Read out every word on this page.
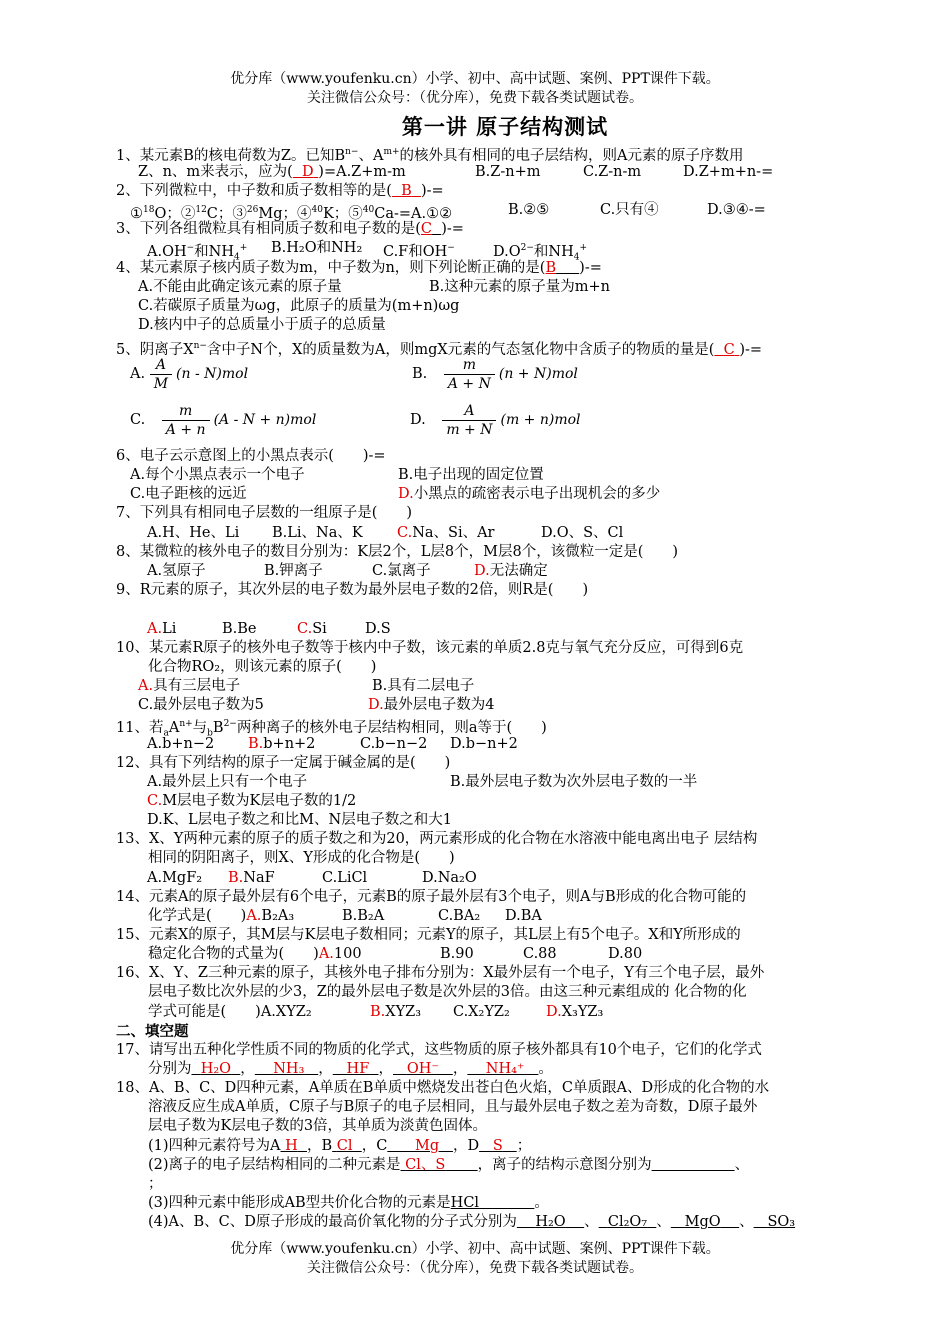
优分库（www.youfenku.cn）小学、初中、高中试题、案例、PPT课件下载。
关注微信公众号：（优分库），免费下载各类试题试卷。
第一讲 原子结构测试
1、某元素B的核电荷数为Z。已知$B^{n-}$、$A^{m+}$的核外具有相同的电子层结构，则A元素的原子序数用
Z、n、m来表示，应为( D )=A.Z+m-m	B.Z-n+m	C.Z-n-m	D.Z+m+n-=
2、下列微粒中，中子数和质子数相等的是( B )-=
①$^{18}$O；②$^{12}$C；③$^{26}$Mg；④$^{40}$K；⑤$^{40}$Ca-=A.①②	B.②⑤	C.只有④	D.③④-=
3、下列各组微粒具有相同质子数和电子数的是(C )-=
A.OH−和$NH_4^+$ B.H₂O和NH₂ C.F和OH−	$D.O^{2-}$和$NH_4^+$
4、某元素原子核内质子数为m，中子数为n，则下列论断正确的是(B )-=
A.不能由此确定该元素的原子量	B.这种元素的原子量为m+n
C.若碳原子质量为ωg，此原子的质量为(m+n)ωg
D.核内中子的总质量小于质子的总质量
5、阴离子$X^{n-}$含中子N个，X的质量数为A，则mgX元素的气态氢化物中含质子的物质的量是( C )-=
A. $\frac{A}{M} (n - N)mol$	B. $\frac{m}{A + N} (n + N)mol$
C. $\frac{m}{A + n} (A - N + n)mol$	D. $\frac{A}{m + N} (m + n)mol$
6、电子云示意图上的小黑点表示(　　)-=
A.每个小黑点表示一个电子	B.电子出现的固定位置
C.电子距核的远近	D.小黑点的疏密表示电子出现机会的多少
7、下列具有相同电子层数的一组原子是(　　)
A.H、He、Li B.Li、Na、K C.Na、Si、Ar	D.O、S、Cl
8、某微粒的核外电子的数目分别为：K层2个，L层8个，M层8个，该微粒一定是(　　)
A.氢原子	B.钾离子	C.氯离子	D.无法确定
9、R元素的原子，其次外层的电子数为最外层电子数的2倍，则R是(　　)
A.Li	B.Be	C.Si	D.S
10、某元素R原子的核外电子数等于核内中子数，该元素的单质2.8克与氧气充分反应，可得到6克
化合物RO₂，则该元素的原子(　　)
A.具有三层电子	B.具有二层电子
C.最外层电子数为5	D.最外层电子数为4
11、若$_aA^{n+}$与$_bB^{2-}$两种离子的核外电子层结构相同，则a等于(　　)
A.b+n−2 B.b+n+2	C.b−n−2 D.b−n+2
12、具有下列结构的原子一定属于碱金属的是(　　)
A.最外层上只有一个电子	B.最外层电子数为次外层电子数的一半
C.M层电子数为K层电子数的1/2
D.K、L层电子数之和比M、N层电子数之和大1
13、X、Y两种元素的原子的质子数之和为20，两元素形成的化合物在水溶液中能电离出电子 层结构
相同的阴阳离子，则X、Y形成的化合物是(　　)
A.MgF₂ B.NaF	C.LiCl	D.Na₂O
14、元素A的原子最外层有6个电子，元素B的原子最外层有3个电子，则A与B形成的化合物可能的
化学式是(　　)A.B₂A₃	B.B₂A	C.BA₂ D.BA
15、元素X的原子，其M层与K层电子数相同；元素Y的原子，其L层上有5个电子。X和Y所形成的
稳定化合物的式量为(　　)A.100	B.90	C.88	D.80
16、X、Y、Z三种元素的原子，其核外电子排布分别为：X最外层有一个电子，Y有三个电子层，最外
层电子数比次外层的少3，Z的最外层电子数是次外层的3倍。由这三种元素组成的 化合物的化
学式可能是(　　)A.XYZ₂	B.XYZ₃ C.X₂YZ₂ D.X₃YZ₃
二、填空题
17、请写出五种化学性质不同的物质的化学式，这些物质的原子核外都具有10个电子，它们的化学式
分别为 H₂O ， NH₃ ， HF ， OH⁻ ， NH₄⁺ 。
18、A、B、C、D四种元素，A单质在B单质中燃烧发出苍白色火焰，C单质跟A、D形成的化合物的水
溶液反应生成A单质，C原子与B原子的电子层相同，且与最外层电子数之差为奇数，D原子最外
层电子数为K层电子数的3倍，其单质为淡黄色固体。
(1)四种元素符号为A H ，B Cl ，C Mg ，D S ；
(2)离子的电子层结构相同的二种元素是 Cl、S ，离子的结构示意图分别为	、
；
(3)四种元素中能形成AB型共价化合物的元素是HCl	。
(4)A、B、C、D原子形成的最高价氧化物的分子式分别为 H₂O 、 Cl₂O₇ 、 MgO 、 SO₃
优分库（www.youfenku.cn）小学、初中、高中试题、案例、PPT课件下载。
关注微信公众号：（优分库），免费下载各类试题试卷。
